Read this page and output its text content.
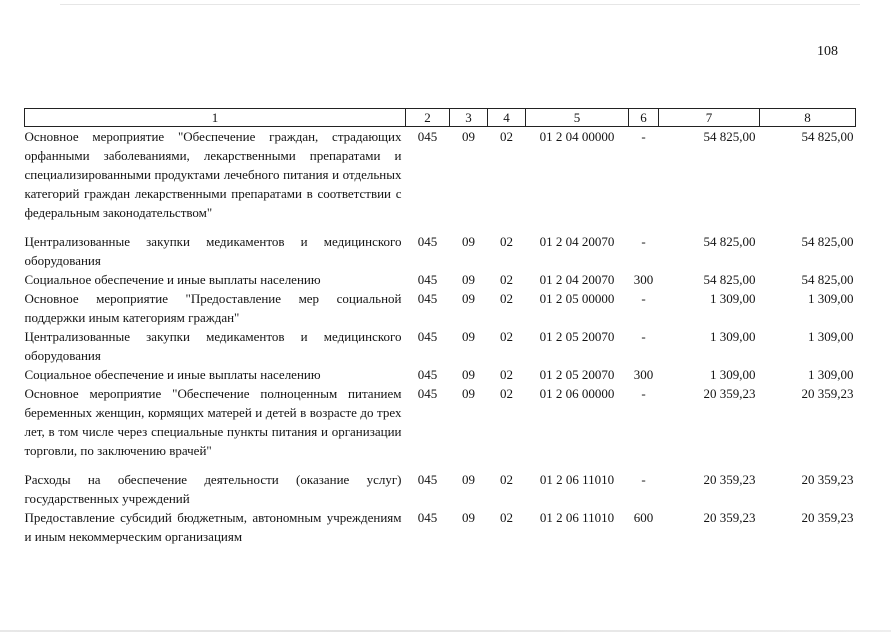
108
1	2	3	4	5	6	7	8
Основное мероприятие "Обеспечение граждан, страдающих орфанными заболеваниями, лекарственными препаратами и специализированными продуктами лечебного питания и отдельных категорий граждан лекарственными препаратами в соответствии с федеральным законодательством"	045	09	02	01 2 04 00000	-	54 825,00	54 825,00
Централизованные закупки медикаментов и медицинского оборудования	045	09	02	01 2 04 20070	-	54 825,00	54 825,00
Социальное обеспечение и иные выплаты населению	045	09	02	01 2 04 20070	300	54 825,00	54 825,00
Основное мероприятие "Предоставление мер социальной поддержки иным категориям граждан"	045	09	02	01 2 05 00000	-	1 309,00	1 309,00
Централизованные закупки медикаментов и медицинского оборудования	045	09	02	01 2 05 20070	-	1 309,00	1 309,00
Социальное обеспечение и иные выплаты населению	045	09	02	01 2 05 20070	300	1 309,00	1 309,00
Основное мероприятие "Обеспечение полноценным питанием беременных женщин, кормящих матерей и детей в возрасте до трех лет, в том числе через специальные пункты питания и организации торговли, по заключению врачей"	045	09	02	01 2 06 00000	-	20 359,23	20 359,23
Расходы на обеспечение деятельности (оказание услуг) государственных учреждений	045	09	02	01 2 06 11010	-	20 359,23	20 359,23
Предоставление субсидий бюджетным, автономным учреждениям и иным некоммерческим организациям	045	09	02	01 2 06 11010	600	20 359,23	20 359,23
